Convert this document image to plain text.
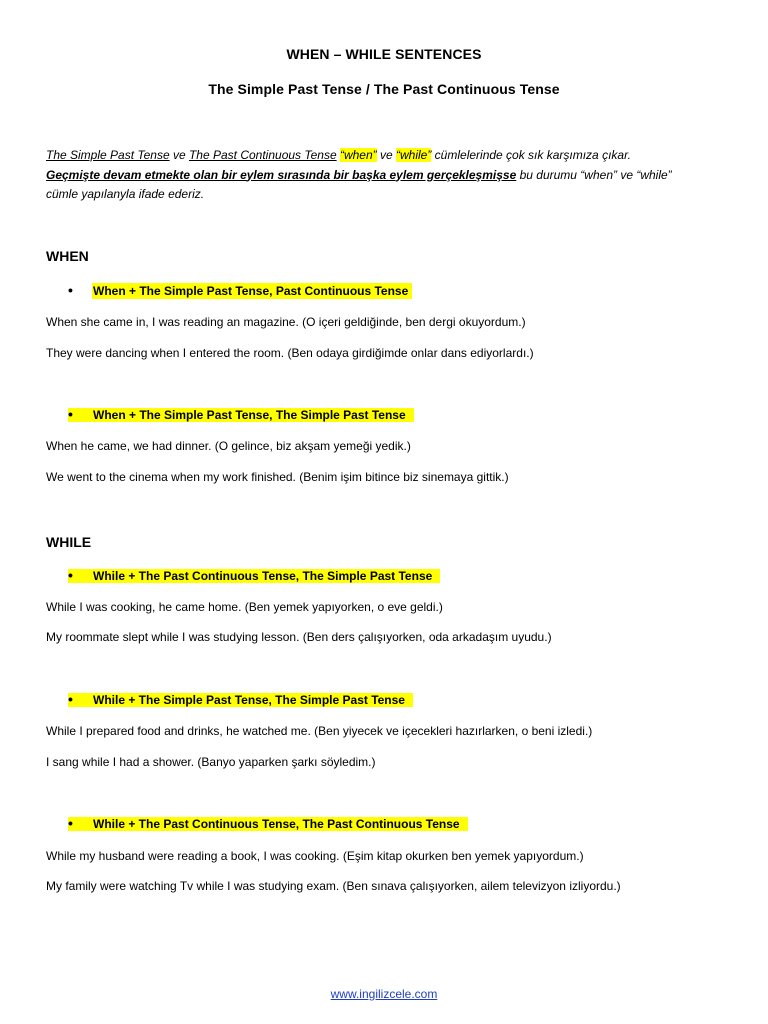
WHEN – WHILE SENTENCES
The Simple Past Tense / The Past Continuous Tense
The Simple Past Tense ve The Past Continuous Tense “when” ve “while” cümlelerinde çok sık karşımıza çıkar.
Geçmişte devam etmekte olan bir eylem sırasında bir başka eylem gerçekleşmişse bu durumu “when” ve “while”
cümle yapılanyla ifade ederiz.
WHEN
• When + The Simple Past Tense, Past Continuous Tense
When she came in, I was reading an magazine. (O içeri geldiğinde, ben dergi okuyordum.)
They were dancing when I entered the room. (Ben odaya girdiğimde onlar dans ediyorlardı.)
• When + The Simple Past Tense, The Simple Past Tense
When he came, we had dinner. (O gelince, biz akşam yemeği yedik.)
We went to the cinema when my work finished. (Benim işim bitince biz sinemaya gittik.)
WHILE
• While + The Past Continuous Tense, The Simple Past Tense
While I was cooking, he came home. (Ben yemek yapıyorken, o eve geldi.)
My roommate slept while I was studying lesson. (Ben ders çalışıyorken, oda arkadaşım uyudu.)
• While + The Simple Past Tense, The Simple Past Tense
While I prepared food and drinks, he watched me. (Ben yiyecek ve içecekleri hazırlarken, o beni izledi.)
I sang while I had a shower. (Banyo yaparken şarkı söyledim.)
• While + The Past Continuous Tense, The Past Continuous Tense
While my husband were reading a book, I was cooking. (Eşim kitap okurken ben yemek yapıyordum.)
My family were watching Tv while I was studying exam. (Ben sınava çalışıyorken, ailem televizyon izliyordu.)
www.ingilizcele.com
